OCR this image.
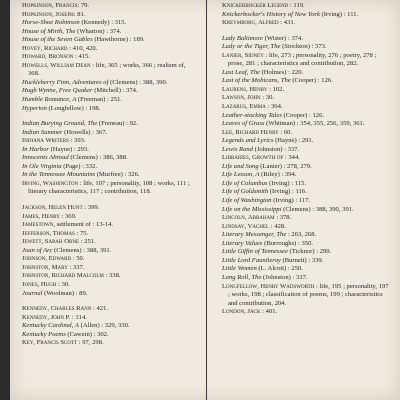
Hopkinson, Francis: 79.

Hopkinson, Joseph: 81.

Horse-Shoe Robinson (Kennedy) : 315.

House of Mirth, The (Wharton) : 374.

House of the Seven Gables (Hawthorne) : 189.

Hovey, Richard : 410, 420.

Howard, Bronson : 415.

Howells, William Dean : life, 365 ; works, 366 ; realism of, 368.

Huckleberry Finn, Adventures of (Clemens) : 388, 390.

Hugh Wynne, Free Quaker (Mitchell) : 374.

Humble Romance, A (Freeman) : 251.

Hyperion (Longfellow) : 198.

Indian Burying Ground, The (Freneau) : 92.

Indian Summer (Howells) : 367.

Indiana Writers : 393.

In Harbor (Hayne) : 293.

Innocents Abroad (Clemens) : 386, 388.

In Ole Virginia (Page) : 332.

In the Tennessee Mountains (Murfree) : 326.

Irving, Washington : life, 107 ; personality, 108 ; works, 111 ; literary characteristics, 117 ; contribution, 118.

Jackson, Helen Hunt : 399.

James, Henry : 369.

Jamestown, settlement of : 13-14.

Jefferson, Thomas : 75.

Jewett, Sarah Orne : 251.

Joan of Arc (Clemens) : 388, 391.

Johnson, Edward : 50.

Johnston, Mary : 337.

Johnston, Richard Malcolm : 338.

Jones, Hugh : 30.

Journal (Woolman) : 89.

Kennedy, Charles Rann : 421.

Kennedy, John P. : 314.

Kentucky Cardinal, A (Allen) : 329, 330.

Kentucky Poems (Cawein) : 302.

Key, Francis Scott : 97, 298.

Knickerbocker Legend : 119.

Knickerbocker's History of New York (Irving) : 111.

Kreymborg, Alfred : 431.

Lady Baltimore (Wister) : 374.

Lady or the Tiger, The (Stockton) : 373.

Lanier, Sidney : life, 273 ; personality, 276 ; poetry, 278 ; prose, 281 ; characteristics and contribution, 282.

Last Leaf, The (Holmes) : 220.

Last of the Mohicans, The (Cooper) : 126.

Laurens, Henry : 102.

Lawson, John : 30.

Lazarus, Emma : 364.

Leather-stocking Tales (Cooper) : 126.

Leaves of Grass (Whitman) : 354, 355, 256, 359, 361.

Lee, Richard Henry : 60.

Legends and Lyrics (Hayne) : 291.

Lewis Rand (Johnston) : 337.

Libraries, Growth of : 344.

Life and Song (Lanier) : 278, 279.

Life Lesson, A (Riley) : 394.

Life of Columbus (Irving) : 115.

Life of Goldsmith (Irving) : 116.

Life of Washington (Irving) : 117.

Life on the Mississippi (Clemens) : 388, 390, 391.

Lincoln, Abraham : 378.

Lindsay, Vachel : 428.

Literary Messenger, The : 263, 268.

Literary Values (Burroughs) : 350.

Little Giffin of Tennessee (Ticknor) : 299.

Little Lord Fauntleroy (Burnett) : 339.

Little Women (L. Alcott) : 250.

Long Roll, The (Johnston) : 337.

Longfellow, Henry Wadsworth : life, 195 ; personality, 197 ; works, 198 ; classification of poems, 199 ; characteristics and contribution, 204.

London, Jack : 401.
